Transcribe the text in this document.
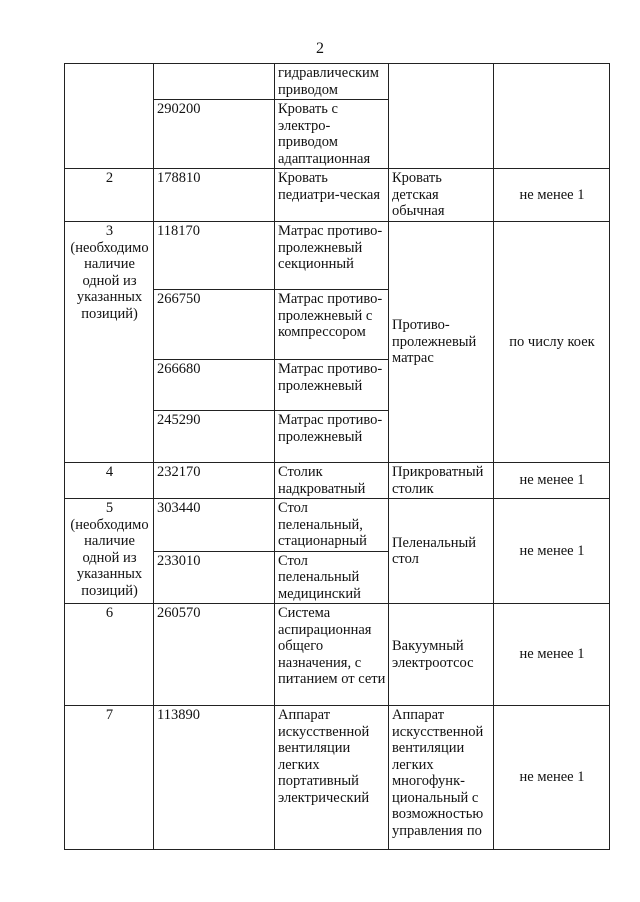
2
		гидравлическим приводом		
	290200	Кровать с электро-приводом адаптационная		
2	178810	Кровать педиатри-ческая	Кровать детская обычная	не менее 1
3 (необходимо наличие одной из указанных позиций)	118170	Матрас противо-пролежневый секционный	Противо-пролежневый матрас	по числу коек
	266750	Матрас противо-пролежневый с компрессором		
	266680	Матрас противо-пролежневый		
	245290	Матрас противо-пролежневый		
4	232170	Столик надкроватный	Прикроватный столик	не менее 1
5 (необходимо наличие одной из указанных позиций)	303440	Стол пеленальный, стационарный	Пеленальный стол	не менее 1
	233010	Стол пеленальный медицинский		
6	260570	Система аспирационная общего назначения, с питанием от сети	Вакуумный электроотсос	не менее 1
7	113890	Аппарат искусственной вентиляции легких портативный электрический	Аппарат искусственной вентиляции легких многофунк-циональный с возможностью управления по	не менее 1
